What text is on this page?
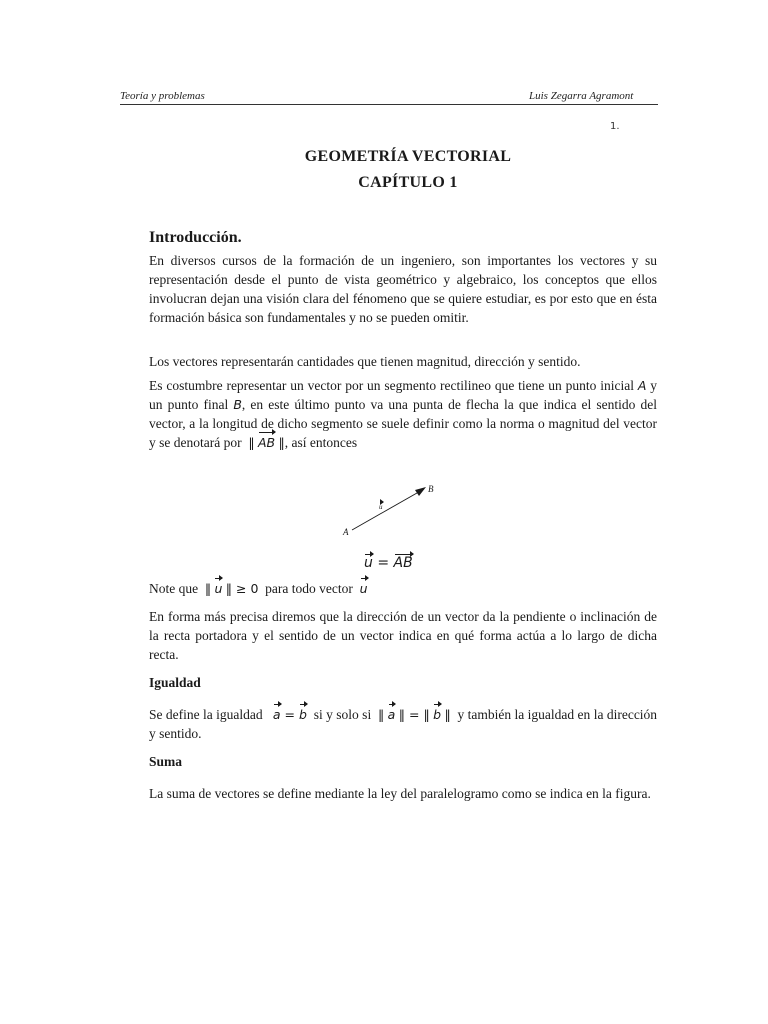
Teoría y problemas	Luis Zegarra Agramont
1.
GEOMETRÍA VECTORIAL
CAPÍTULO 1
Introducción.
En diversos cursos de la formación de un ingeniero, son importantes los vectores y su representación desde el punto de vista geométrico y algebraico, los conceptos que ellos involucran dejan una visión clara del fénomeno que se quiere estudiar, es por esto que en ésta formación básica son fundamentales y no se pueden omitir.
Los vectores representarán cantidades que tienen magnitud, dirección y sentido.
Es costumbre representar un vector por un segmento rectilineo que tiene un punto inicial A y un punto final B, en este último punto va una punta de flecha la que indica el sentido del vector, a la longitud de dicho segmento se suele definir como la norma o magnitud del vector y se denotará por ‖ AB ‖, así entonces
A
B
u
u = AB
Note que ‖ u ‖ ≥ 0 para todo vector u
En forma más precisa diremos que la dirección de un vector da la pendiente o inclinación de la recta portadora y el sentido de un vector indica en qué forma actúa a lo largo de dicha recta.
Igualdad
Se define la igualdad a = b si y solo si ‖ a ‖ = ‖ b ‖ y también la igualdad en la dirección y sentido.
Suma
La suma de vectores se define mediante la ley del paralelogramo como se indica en la figura.
